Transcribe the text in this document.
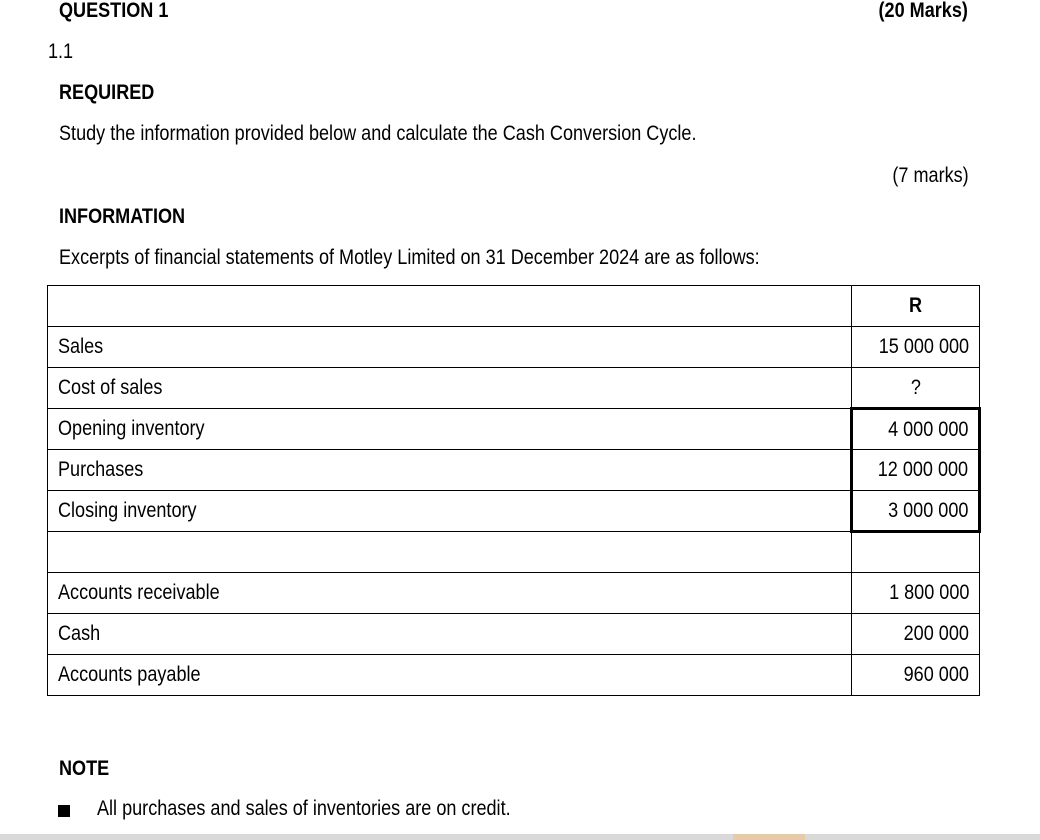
QUESTION 1	(20 Marks)
1.1
REQUIRED
Study the information provided below and calculate the Cash Conversion Cycle.
(7 marks)
INFORMATION
Excerpts of financial statements of Motley Limited on 31 December 2024 are as follows:
	R
Sales	15 000 000
Cost of sales	?
Opening inventory	4 000 000
Purchases	12 000 000
Closing inventory	3 000 000

Accounts receivable	1 800 000
Cash	200 000
Accounts payable	960 000
NOTE
All purchases and sales of inventories are on credit.
